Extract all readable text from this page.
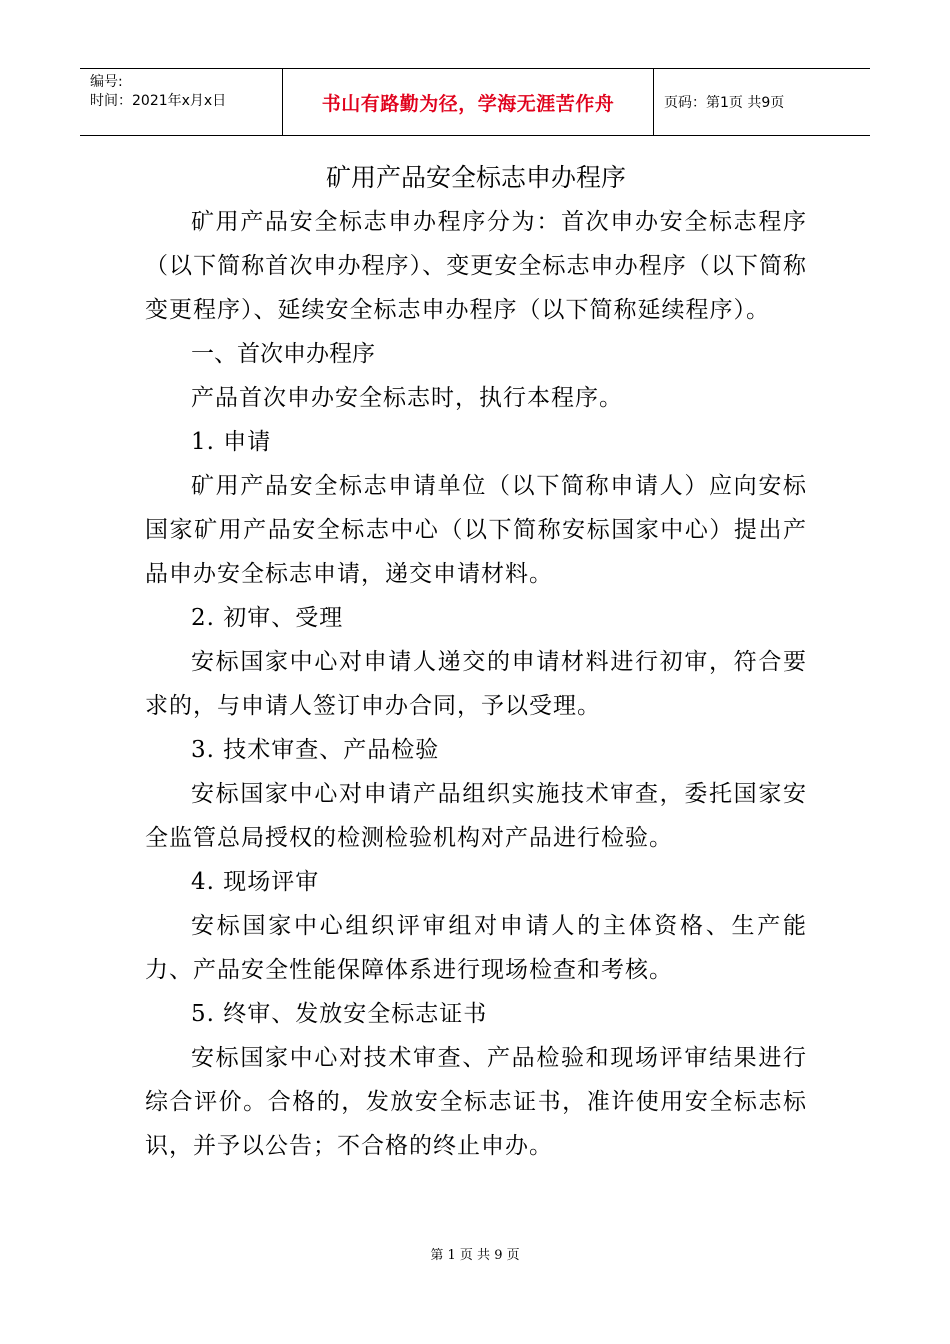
编号:
时间：2021年x月x日	书山有路勤为径，学海无涯苦作舟	页码：第1页 共9页
矿用产品安全标志申办程序

矿用产品安全标志申办程序分为：首次申办安全标志程序（以下简称首次申办程序）、变更安全标志申办程序（以下简称变更程序）、延续安全标志申办程序（以下简称延续程序）。

一、首次申办程序

产品首次申办安全标志时，执行本程序。

1. 申请

矿用产品安全标志申请单位（以下简称申请人）应向安标国家矿用产品安全标志中心（以下简称安标国家中心）提出产品申办安全标志申请，递交申请材料。

2. 初审、受理

安标国家中心对申请人递交的申请材料进行初审，符合要求的，与申请人签订申办合同，予以受理。

3. 技术审查、产品检验

安标国家中心对申请产品组织实施技术审查，委托国家安全监管总局授权的检测检验机构对产品进行检验。

4. 现场评审

安标国家中心组织评审组对申请人的主体资格、生产能力、产品安全性能保障体系进行现场检查和考核。

5. 终审、发放安全标志证书

安标国家中心对技术审查、产品检验和现场评审结果进行综合评价。合格的，发放安全标志证书，准许使用安全标志标识，并予以公告；不合格的终止申办。

第 1 页 共 9 页
